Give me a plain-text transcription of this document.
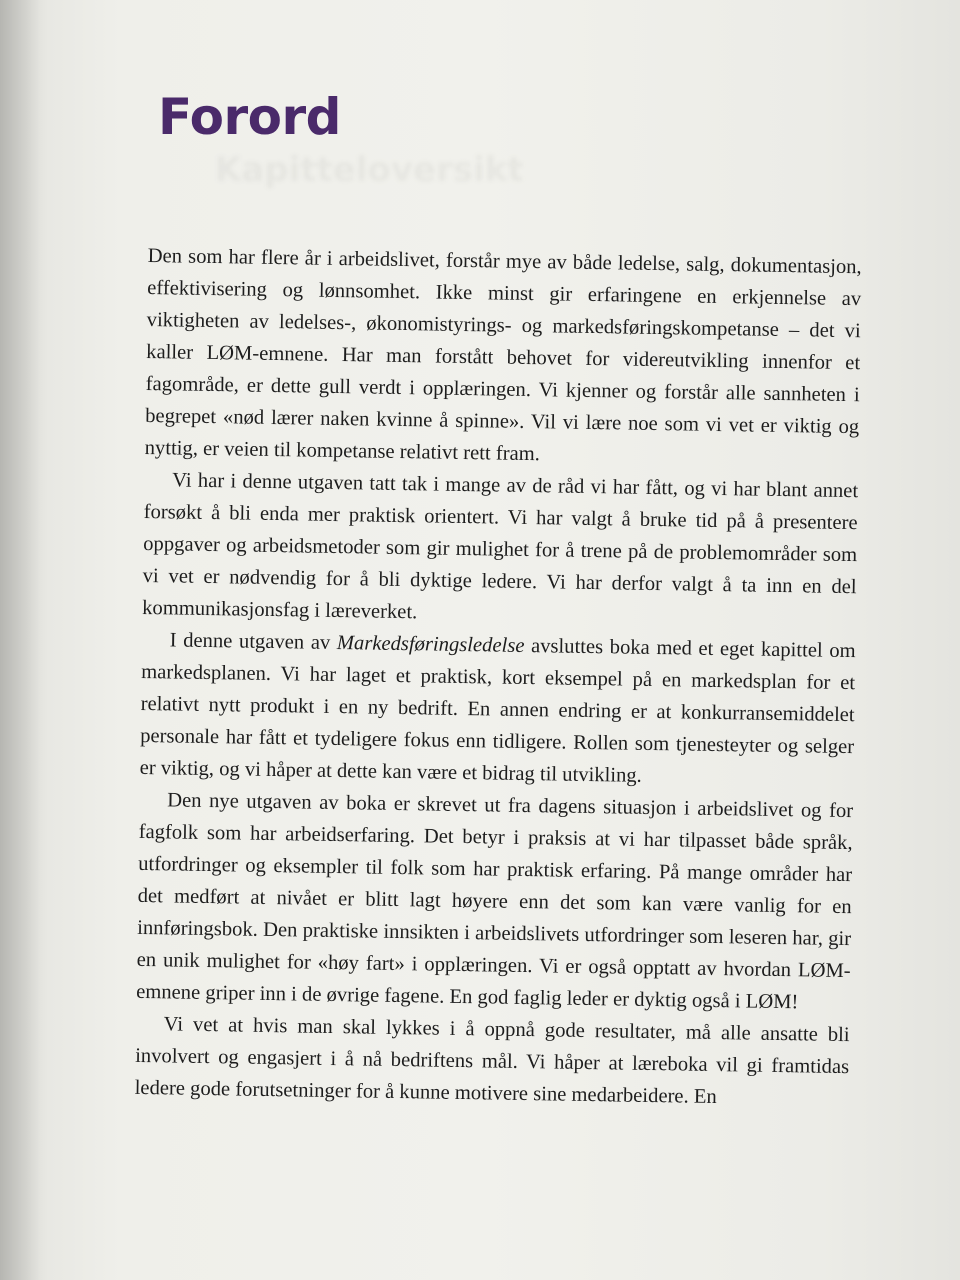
Kapitteloversikt
Forord

Den som har flere år i arbeidslivet, forstår mye av både ledelse, salg, dokumentasjon, effektivisering og lønnsomhet. Ikke minst gir erfaringene en erkjennelse av viktigheten av ledelses-, økonomistyrings- og markedsføringskompetanse – det vi kaller LØM-emnene. Har man forstått behovet for videreutvikling innenfor et fagområde, er dette gull verdt i opplæringen. Vi kjenner og forstår alle sannheten i begrepet «nød lærer naken kvinne å spinne». Vil vi lære noe som vi vet er viktig og nyttig, er veien til kompetanse relativt rett fram.

Vi har i denne utgaven tatt tak i mange av de råd vi har fått, og vi har blant annet forsøkt å bli enda mer praktisk orientert. Vi har valgt å bruke tid på å presentere oppgaver og arbeidsmetoder som gir mulighet for å trene på de problemområder som vi vet er nødvendig for å bli dyktige ledere. Vi har derfor valgt å ta inn en del kommunikasjonsfag i læreverket.

I denne utgaven av Markedsføringsledelse avsluttes boka med et eget kapittel om markedsplanen. Vi har laget et praktisk, kort eksempel på en markedsplan for et relativt nytt produkt i en ny bedrift. En annen endring er at konkurransemiddelet personale har fått et tydeligere fokus enn tidligere. Rollen som tjenesteyter og selger er viktig, og vi håper at dette kan være et bidrag til utvikling.

Den nye utgaven av boka er skrevet ut fra dagens situasjon i arbeidslivet og for fagfolk som har arbeidserfaring. Det betyr i praksis at vi har tilpasset både språk, utfordringer og eksempler til folk som har praktisk erfaring. På mange områder har det medført at nivået er blitt lagt høyere enn det som kan være vanlig for en innføringsbok. Den praktiske innsikten i arbeidslivets utfordringer som leseren har, gir en unik mulighet for «høy fart» i opplæringen. Vi er også opptatt av hvordan LØM-emnene griper inn i de øvrige fagene. En god faglig leder er dyktig også i LØM!

Vi vet at hvis man skal lykkes i å oppnå gode resultater, må alle ansatte bli involvert og engasjert i å nå bedriftens mål. Vi håper at læreboka vil gi framtidas ledere gode forutsetninger for å kunne motivere sine medarbeidere. En
